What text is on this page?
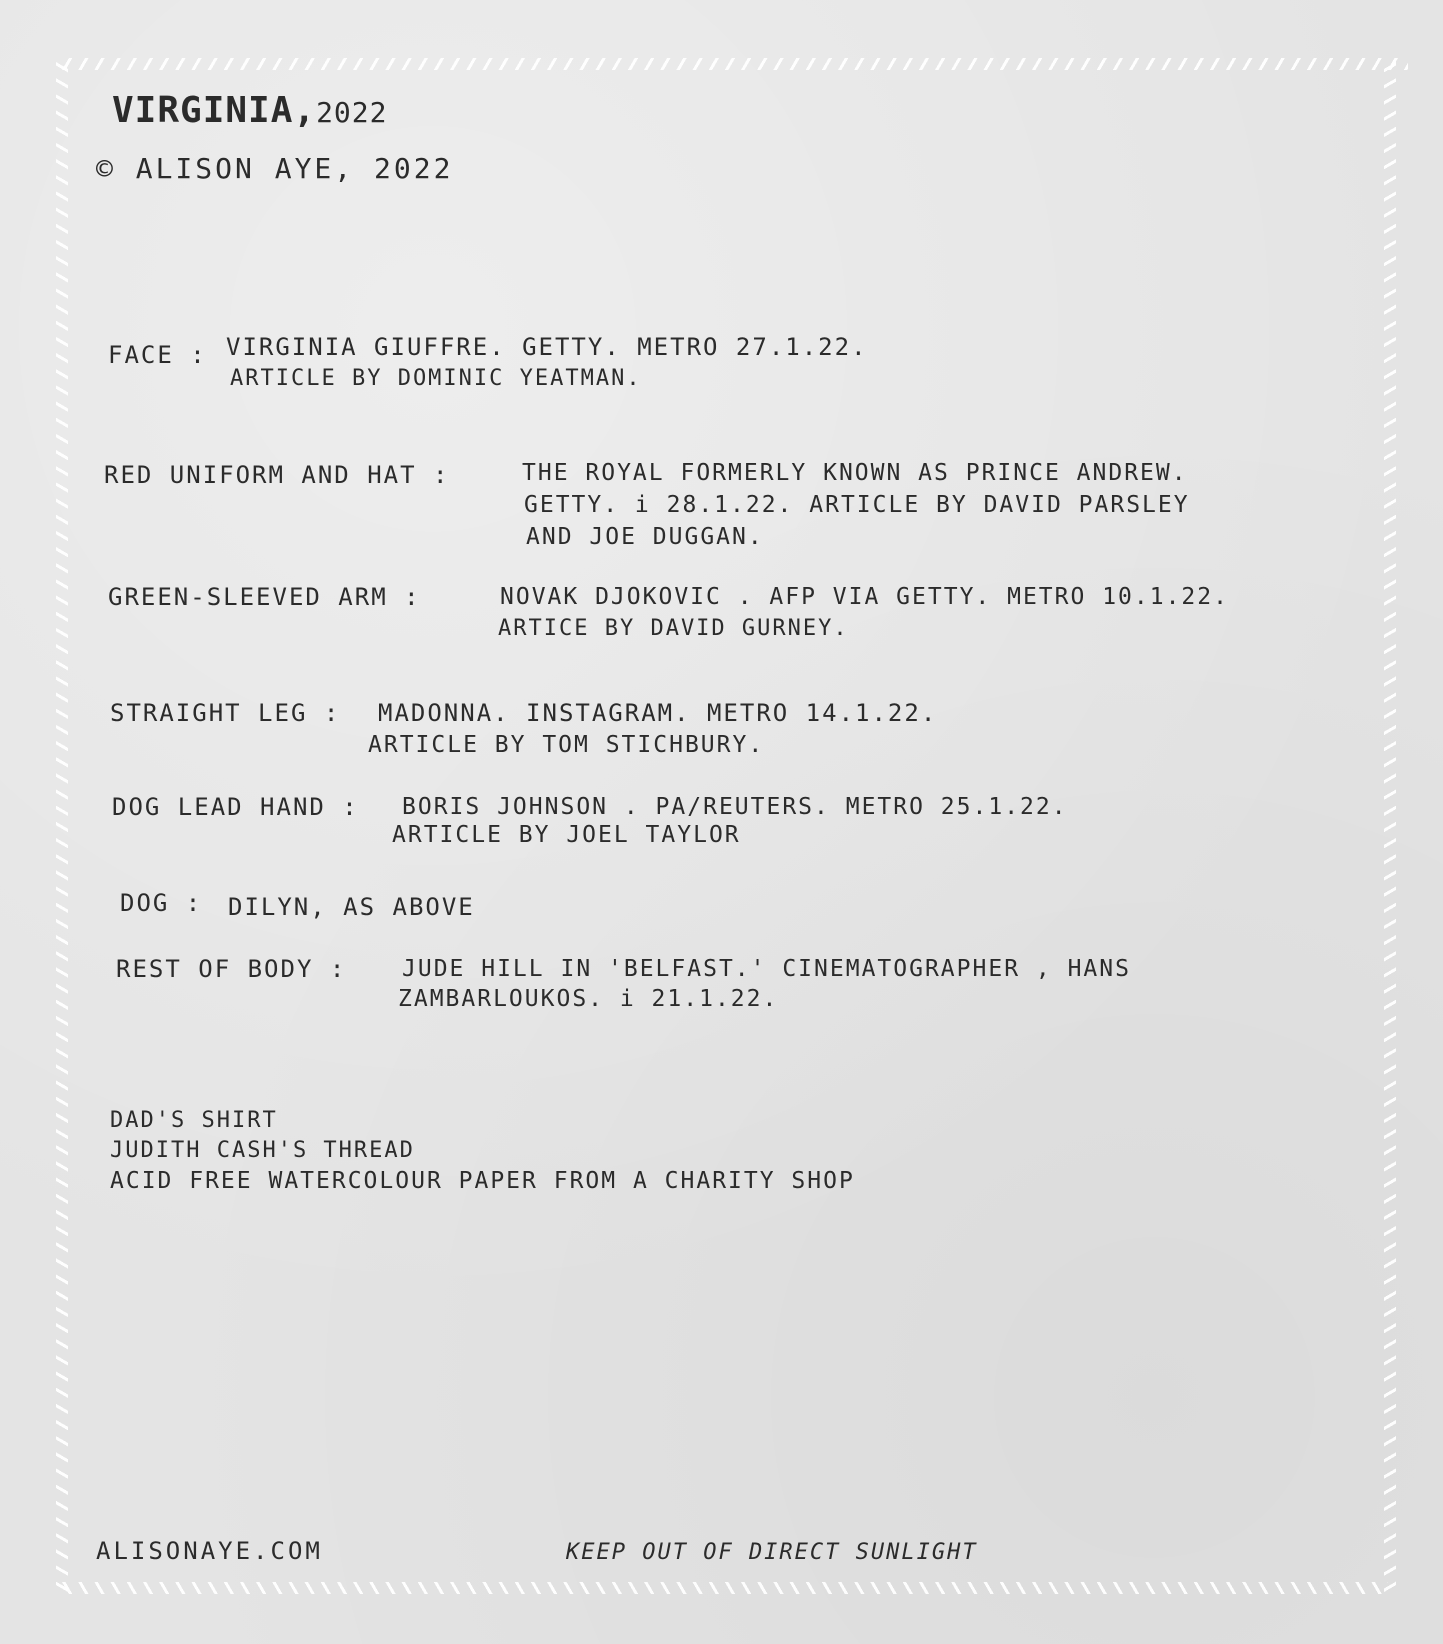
VIRGINIA,2022
© ALISON AYE, 2022
FACE : VIRGINIA GIUFFRE. GETTY. METRO 27.1.22.
ARTICLE BY DOMINIC YEATMAN.
RED UNIFORM AND HAT :	THE ROYAL FORMERLY KNOWN AS PRINCE ANDREW.
GETTY. i 28.1.22. ARTICLE BY DAVID PARSLEY
AND JOE DUGGAN.
GREEN-SLEEVED ARM :	NOVAK DJOKOVIC . AFP VIA GETTY. METRO 10.1.22.
ARTICE BY DAVID GURNEY.
STRAIGHT LEG : MADONNA. INSTAGRAM. METRO 14.1.22.
ARTICLE BY TOM STICHBURY.
DOG LEAD HAND : BORIS JOHNSON . PA/REUTERS. METRO 25.1.22.
ARTICLE BY JOEL TAYLOR
DOG : DILYN, AS ABOVE
REST OF BODY : JUDE HILL IN 'BELFAST.' CINEMATOGRAPHER , HANS
ZAMBARLOUKOS. i 21.1.22.
DAD'S SHIRT
JUDITH CASH'S THREAD
ACID FREE WATERCOLOUR PAPER FROM A CHARITY SHOP
ALISONAYE.COM	KEEP OUT OF DIRECT SUNLIGHT
